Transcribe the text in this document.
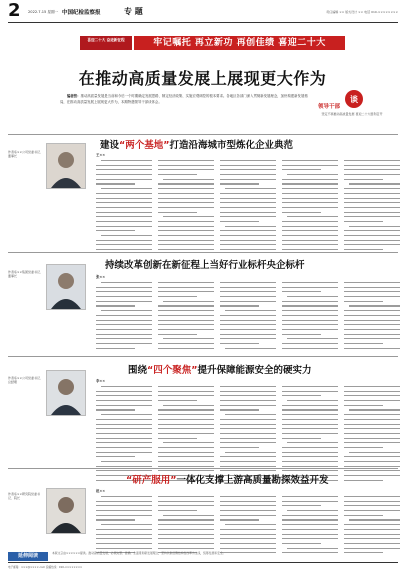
2 2022.7.15 星期一 中国纪检监察报	专 题	责任编辑 ×× 版式设计 ×× 电话 010-××××××××
喜迎二十大 奋进新征程	牢记嘱托 再立新功 再创佳绩 喜迎二十大
在推动高质量发展上展现更大作为
编者按：推动高质量发展是当前和今后一个时期确定发展思路、制定经济政策、实施宏观调控的根本要求。各地区各部门深入贯彻新发展理念，加快构建新发展格局，在推动高质量发展上展现更大作为，本期特邀领导干部谈体会。	谈
领导干部
坚定不移推动高质量发展 喜迎二十大胜利召开
建设“两个基地”打造沿海城市型炼化企业典范
作者系××公司党委书记、董事长	王××
持续改革创新在新征程上当好行业标杆央企标杆
作者系××集团党委书记、董事长	张××
围绕“四个聚焦”提升保障能源安全的硬实力
作者系××公司党委书记、总经理	李××
“研产服用”一体化支撑上游高质量勘探效益开发
作者系××研究院党委书记、院长
赵××
延伸阅读	本版文章由××××××提供。推动高质量发展，必须完整、准确、全面贯彻新发展理念，坚持以供给侧结构性改革为主线，统筹发展和安全。
电子邮箱：×××@××××.com 投稿热线：010-××××××××
